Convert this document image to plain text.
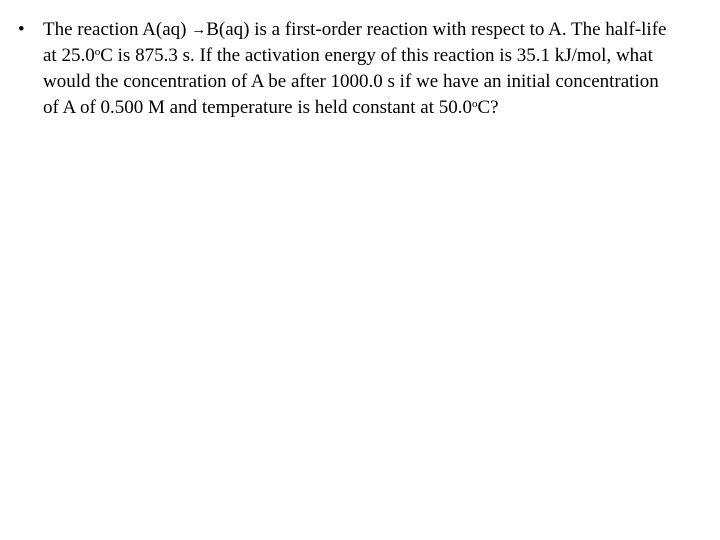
• The reaction A(aq) →B(aq) is a first-order reaction with respect to A. The half-life
at 25.0$^o$C is 875.3 s. If the activation energy of this reaction is 35.1 kJ/mol, what
would the concentration of A be after 1000.0 s if we have an initial concentration
of A of 0.500 M and temperature is held constant at 50.0$^o$C?
